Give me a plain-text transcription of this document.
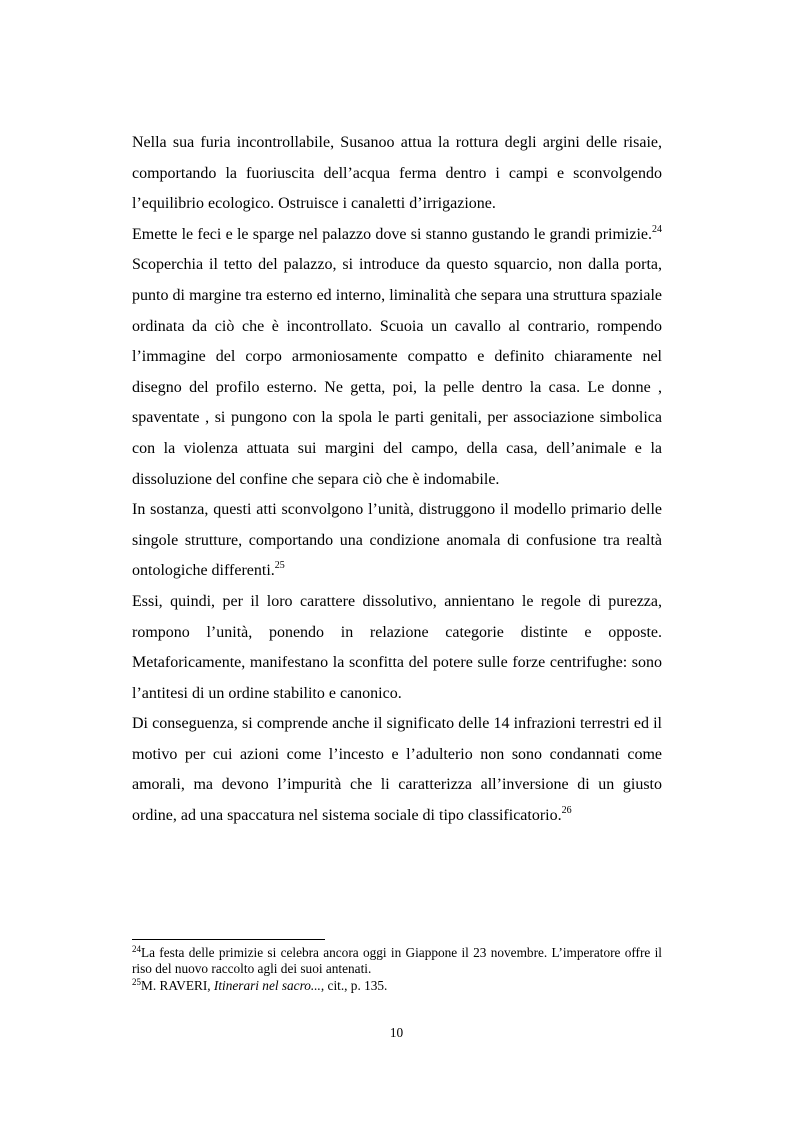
Nella sua furia incontrollabile, Susanoo attua la rottura degli argini delle risaie, comportando la fuoriuscita dell’acqua ferma dentro i campi e sconvolgendo l’equilibrio ecologico. Ostruisce i canaletti d’irrigazione.

Emette le feci e le sparge nel palazzo dove si stanno gustando le grandi primizie.$^{24}$ Scoperchia il tetto del palazzo, si introduce da questo squarcio, non dalla porta, punto di margine tra esterno ed interno, liminalità che separa una struttura spaziale ordinata da ciò che è incontrollato. Scuoia un cavallo al contrario, rompendo l’immagine del corpo armoniosamente compatto e definito chiaramente nel disegno del profilo esterno. Ne getta, poi, la pelle dentro la casa. Le donne , spaventate , si pungono con la spola le parti genitali, per associazione simbolica con la violenza attuata sui margini del campo, della casa, dell’animale e la dissoluzione del confine che separa ciò che è indomabile.

In sostanza, questi atti sconvolgono l’unità, distruggono il modello primario delle singole strutture, comportando una condizione anomala di confusione tra realtà ontologiche differenti.$^{25}$

Essi, quindi, per il loro carattere dissolutivo, annientano le regole di purezza, rompono l’unità, ponendo in relazione categorie distinte e opposte. Metaforicamente, manifestano la sconfitta del potere sulle forze centrifughe: sono l’antitesi di un ordine stabilito e canonico.

Di conseguenza, si comprende anche il significato delle 14 infrazioni terrestri ed il motivo per cui azioni come l’incesto e l’adulterio non sono condannati come amorali, ma devono l’impurità che li caratterizza all’inversione di un giusto ordine, ad una spaccatura nel sistema sociale di tipo classificatorio.$^{26}$

$^{24}$La festa delle primizie si celebra ancora oggi in Giappone il 23 novembre. L’imperatore offre il riso del nuovo raccolto agli dei suoi antenati.

$^{25}$M. RAVERI, Itinerari nel sacro..., cit., p. 135.

10
